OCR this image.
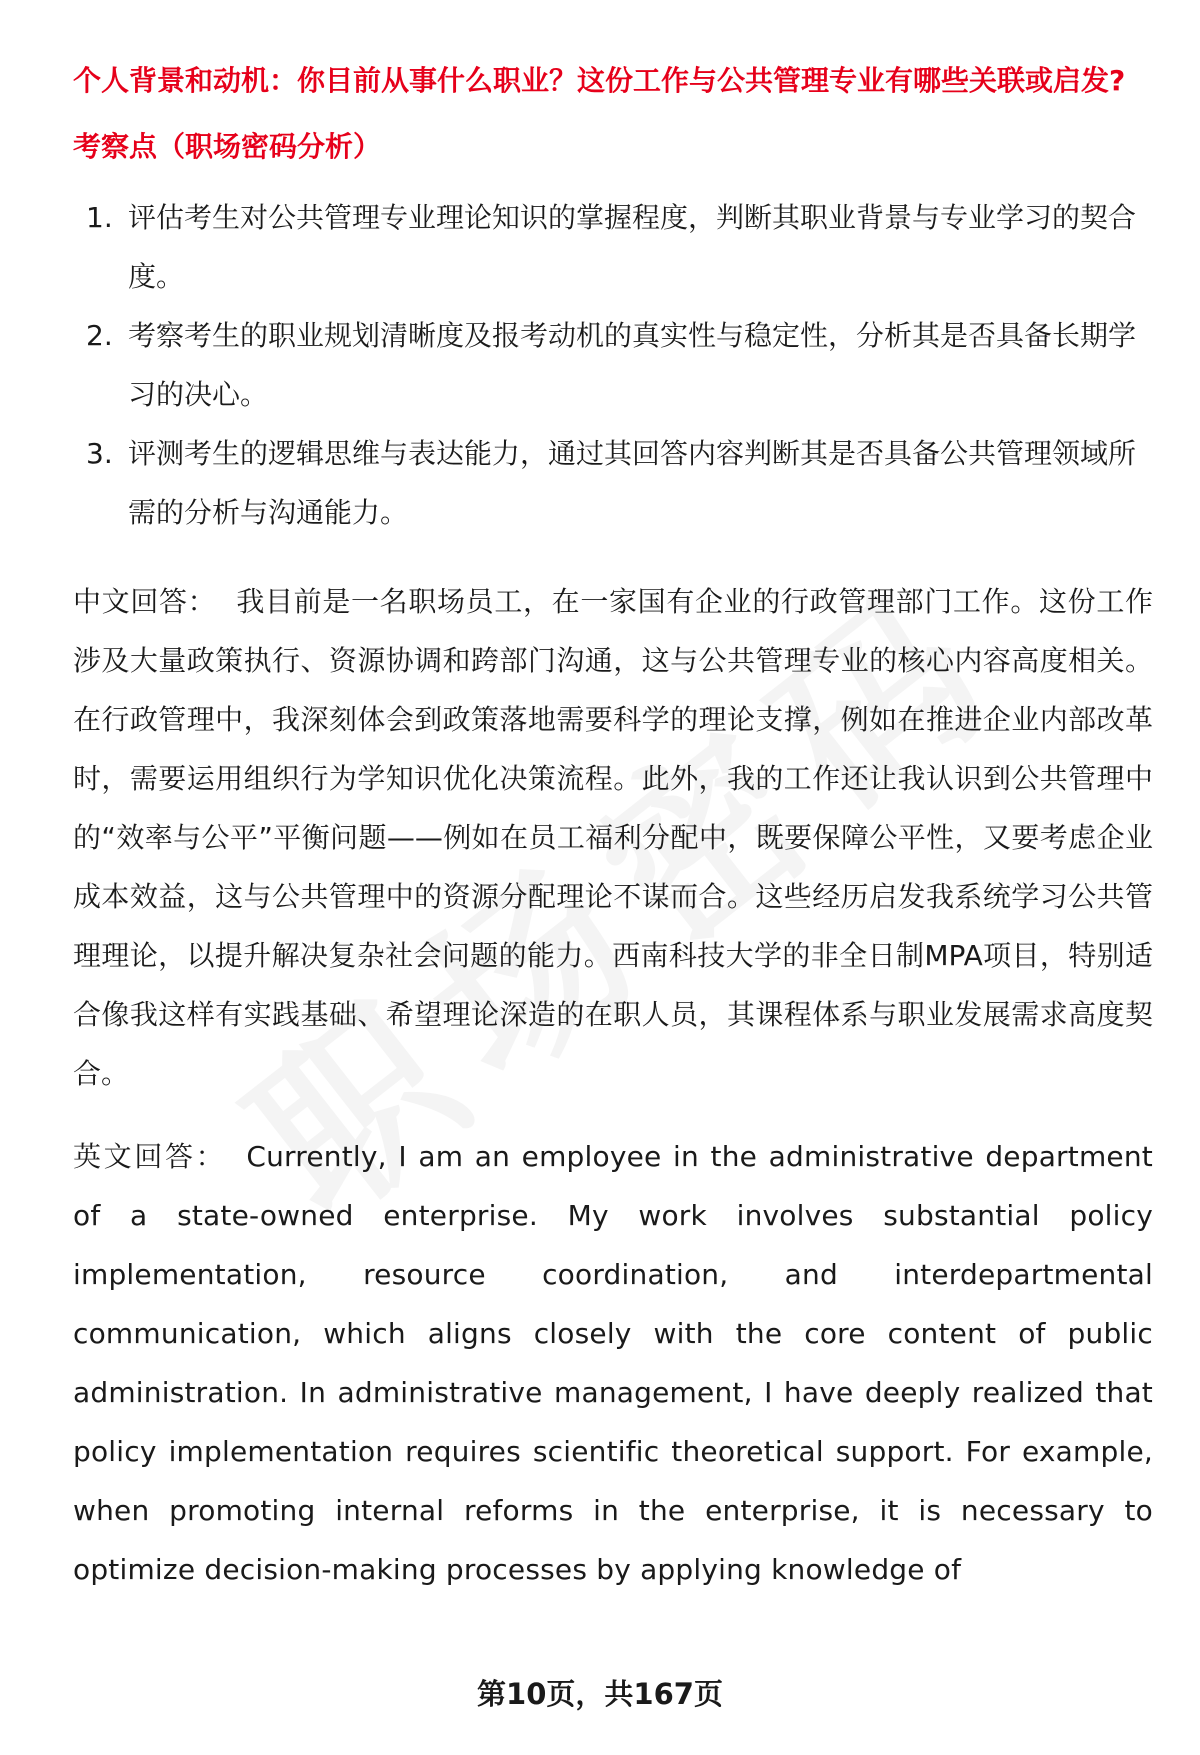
个人背景和动机：你目前从事什么职业？这份工作与公共管理专业有哪些关联或启发?

考察点（职场密码分析）
1. 评估考生对公共管理专业理论知识的掌握程度，判断其职业背景与专业学习的契合度。
2. 考察考生的职业规划清晰度及报考动机的真实性与稳定性，分析其是否具备长期学习的决心。
3. 评测考生的逻辑思维与表达能力，通过其回答内容判断其是否具备公共管理领域所需的分析与沟通能力。
中文回答： 我目前是一名职场员工，在一家国有企业的行政管理部门工作。这份工作涉及大量政策执行、资源协调和跨部门沟通，这与公共管理专业的核心内容高度相关。在行政管理中，我深刻体会到政策落地需要科学的理论支撑，例如在推进企业内部改革时，需要运用组织行为学知识优化决策流程。此外，我的工作还让我认识到公共管理中的“效率与公平”平衡问题——例如在员工福利分配中，既要保障公平性，又要考虑企业成本效益，这与公共管理中的资源分配理论不谋而合。这些经历启发我系统学习公共管理理论，以提升解决复杂社会问题的能力。西南科技大学的非全日制MPA项目，特别适合像我这样有实践基础、希望理论深造的在职人员，其课程体系与职业发展需求高度契合。
英文回答： Currently, I am an employee in the administrative department of a state-owned enterprise. My work involves substantial policy implementation, resource coordination, and interdepartmental communication, which aligns closely with the core content of public administration. In administrative management, I have deeply realized that policy implementation requires scientific theoretical support. For example, when promoting internal reforms in the enterprise, it is necessary to optimize decision-making processes by applying knowledge of
第10页，共167页
